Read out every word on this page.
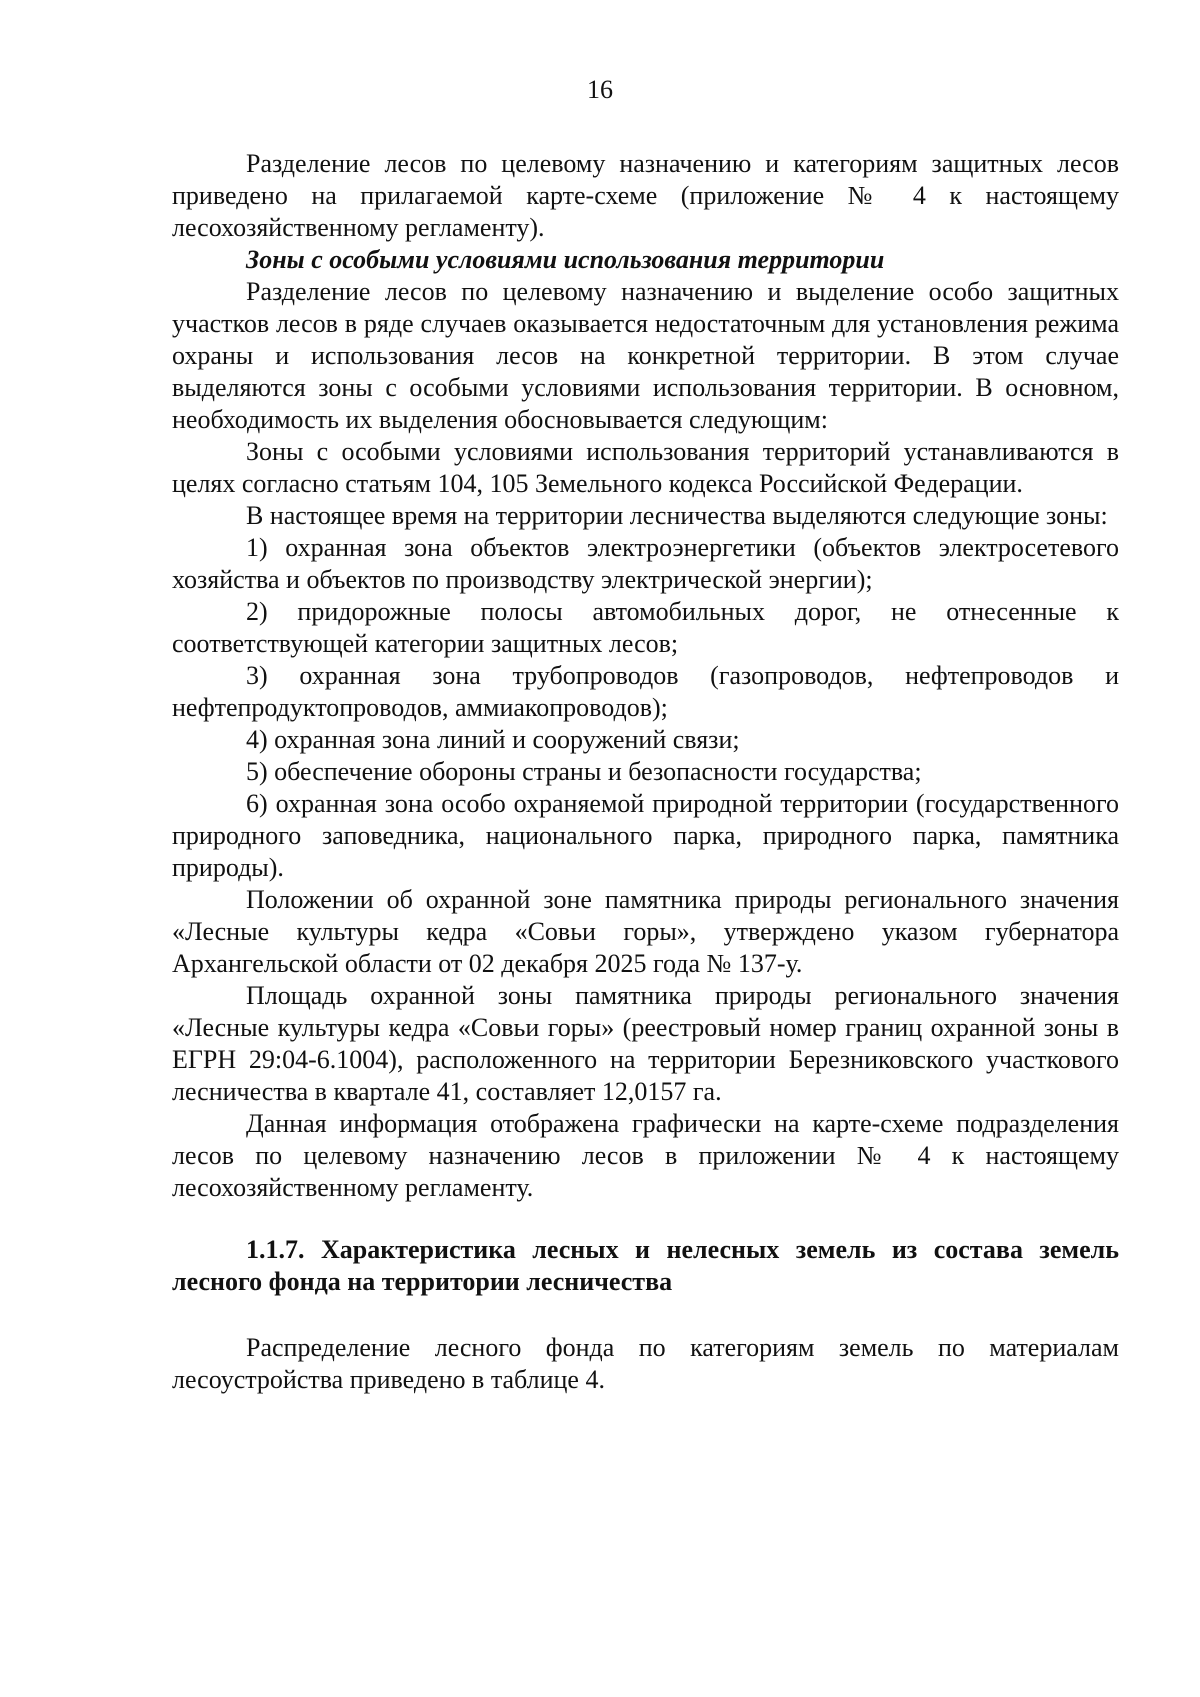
16

Разделение лесов по целевому назначению и категориям защитных лесов приведено на прилагаемой карте-схеме (приложение № 4 к настоящему лесохозяйственному регламенту).

Зоны с особыми условиями использования территории

Разделение лесов по целевому назначению и выделение особо защитных участков лесов в ряде случаев оказывается недостаточным для установления режима охраны и использования лесов на конкретной территории. В этом случае выделяются зоны с особыми условиями использования территории. В основном, необходимость их выделения обосновывается следующим:

Зоны с особыми условиями использования территорий устанавливаются в целях согласно статьям 104, 105 Земельного кодекса Российской Федерации.

В настоящее время на территории лесничества выделяются следующие зоны:

1) охранная зона объектов электроэнергетики (объектов электросетевого хозяйства и объектов по производству электрической энергии);

2) придорожные полосы автомобильных дорог, не отнесенные к соответствующей категории защитных лесов;

3) охранная зона трубопроводов (газопроводов, нефтепроводов и нефтепродуктопроводов, аммиакопроводов);

4) охранная зона линий и сооружений связи;

5) обеспечение обороны страны и безопасности государства;

6) охранная зона особо охраняемой природной территории (государственного природного заповедника, национального парка, природного парка, памятника природы).

Положении об охранной зоне памятника природы регионального значения «Лесные культуры кедра «Совьи горы», утверждено указом губернатора Архангельской области от 02 декабря 2025 года № 137-у.

Площадь охранной зоны памятника природы регионального значения «Лесные культуры кедра «Совьи горы» (реестровый номер границ охранной зоны в ЕГРН 29:04-6.1004), расположенного на территории Березниковского участкового лесничества в квартале 41, составляет 12,0157 га.

Данная информация отображена графически на карте-схеме подразделения лесов по целевому назначению лесов в приложении № 4 к настоящему лесохозяйственному регламенту.

1.1.7. Характеристика лесных и нелесных земель из состава земель лесного фонда на территории лесничества

Распределение лесного фонда по категориям земель по материалам лесоустройства приведено в таблице 4.
